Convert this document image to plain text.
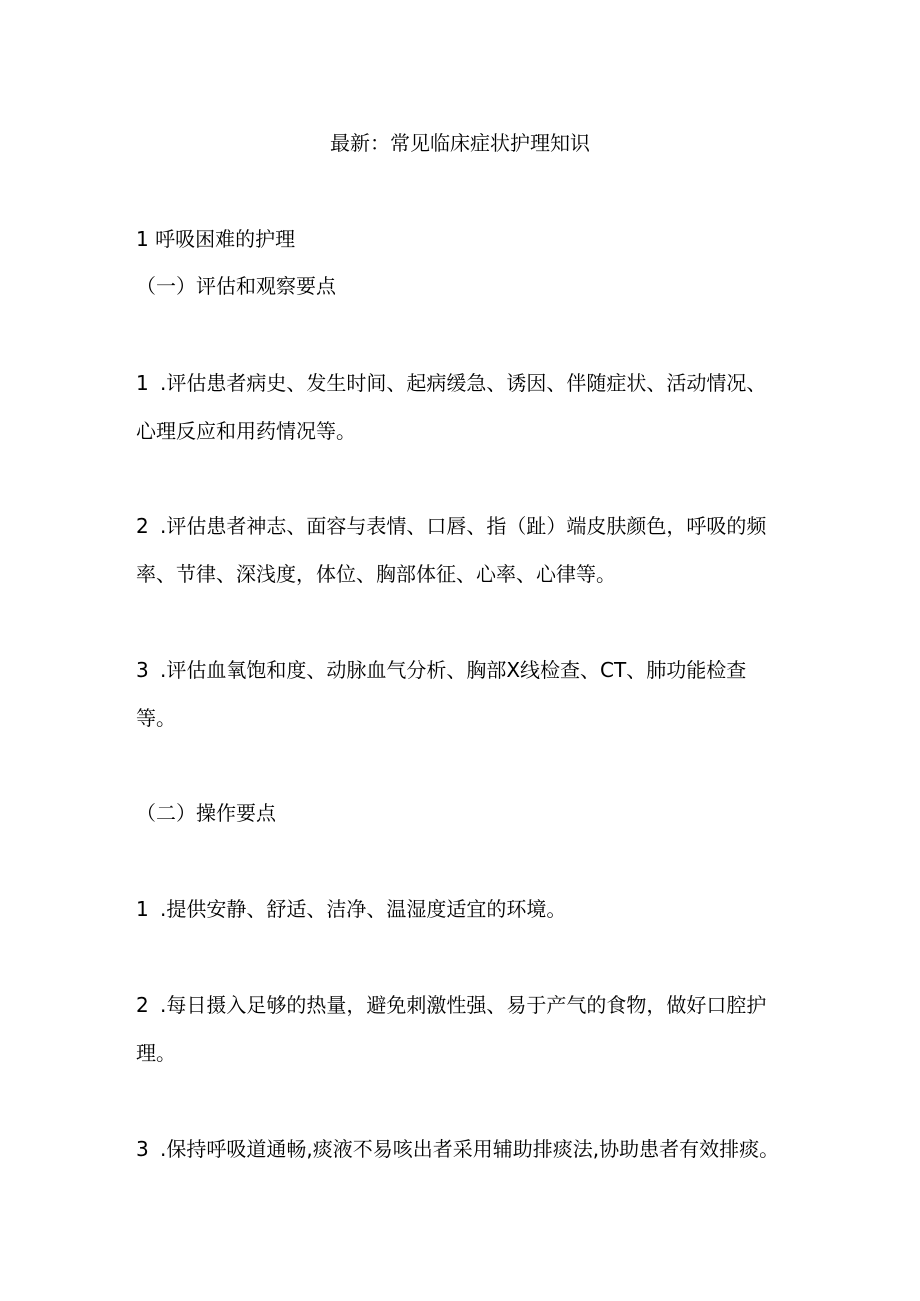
最新：常见临床症状护理知识
1 呼吸困难的护理
（一）评估和观察要点
1 .评估患者病史、发生时间、起病缓急、诱因、伴随症状、活动情况、
心理反应和用药情况等。
2 .评估患者神志、面容与表情、口唇、指（趾）端皮肤颜色，呼吸的频
率、节律、深浅度，体位、胸部体征、心率、心律等。
3 .评估血氧饱和度、动脉血气分析、胸部X线检查、CT、肺功能检查
等。
（二）操作要点
1 .提供安静、舒适、洁净、温湿度适宜的环境。
2 .每日摄入足够的热量，避免刺激性强、易于产气的食物，做好口腔护
理。
3 .保持呼吸道通畅,痰液不易咳出者采用辅助排痰法,协助患者有效排痰。
